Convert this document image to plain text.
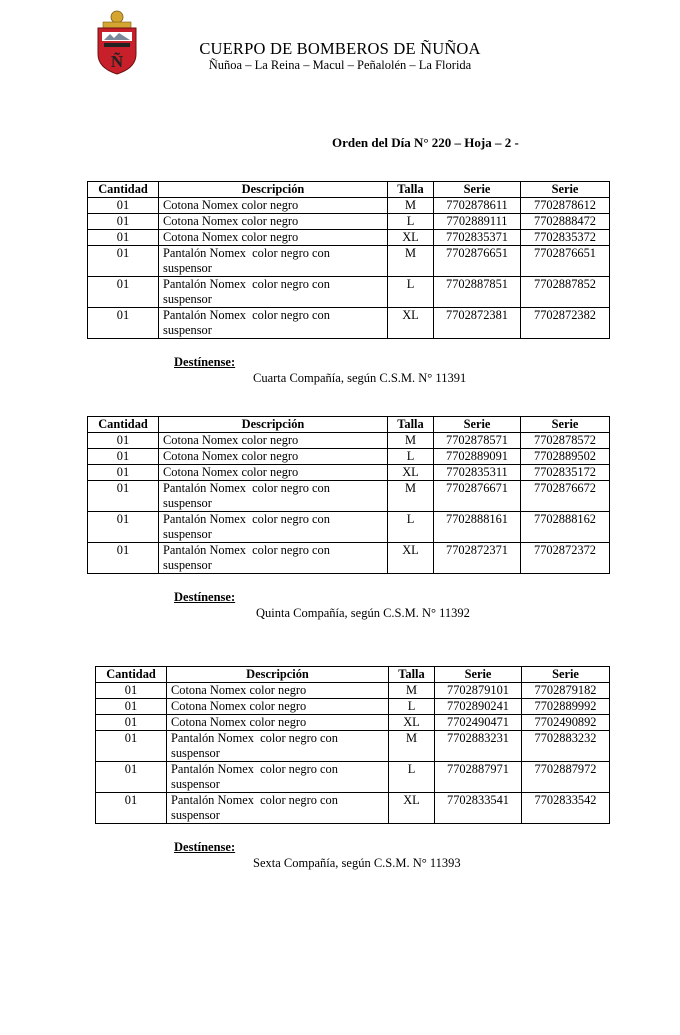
Ñ
CUERPO DE BOMBEROS DE ÑUÑOA
Ñuñoa – La Reina – Macul – Peñalolén – La Florida
Orden del Día N° 220 – Hoja – 2 -
Cantidad	Descripción	Talla	Serie	Serie
01	Cotona Nomex color negro	M	7702878611	7702878612
01	Cotona Nomex color negro	L	7702889111	7702888472
01	Cotona Nomex color negro	XL	7702835371	7702835372
01	Pantalón Nomex  color negro con
suspensor	M	7702876651	7702876651
01	Pantalón Nomex  color negro con
suspensor	L	7702887851	7702887852
01	Pantalón Nomex  color negro con
suspensor	XL	7702872381	7702872382
Destínense:
Cuarta Compañía, según C.S.M. N° 11391
Cantidad	Descripción	Talla	Serie	Serie
01	Cotona Nomex color negro	M	7702878571	7702878572
01	Cotona Nomex color negro	L	7702889091	7702889502
01	Cotona Nomex color negro	XL	7702835311	7702835172
01	Pantalón Nomex  color negro con
suspensor	M	7702876671	7702876672
01	Pantalón Nomex  color negro con
suspensor	L	7702888161	7702888162
01	Pantalón Nomex  color negro con
suspensor	XL	7702872371	7702872372
Destínense:
Quinta Compañía, según C.S.M. N° 11392
Cantidad	Descripción	Talla	Serie	Serie
01	Cotona Nomex color negro	M	7702879101	7702879182
01	Cotona Nomex color negro	L	7702890241	7702889992
01	Cotona Nomex color negro	XL	7702490471	7702490892
01	Pantalón Nomex  color negro con
suspensor	M	7702883231	7702883232
01	Pantalón Nomex  color negro con
suspensor	L	7702887971	7702887972
01	Pantalón Nomex  color negro con
suspensor	XL	7702833541	7702833542
Destínense:
Sexta Compañía, según C.S.M. N° 11393
